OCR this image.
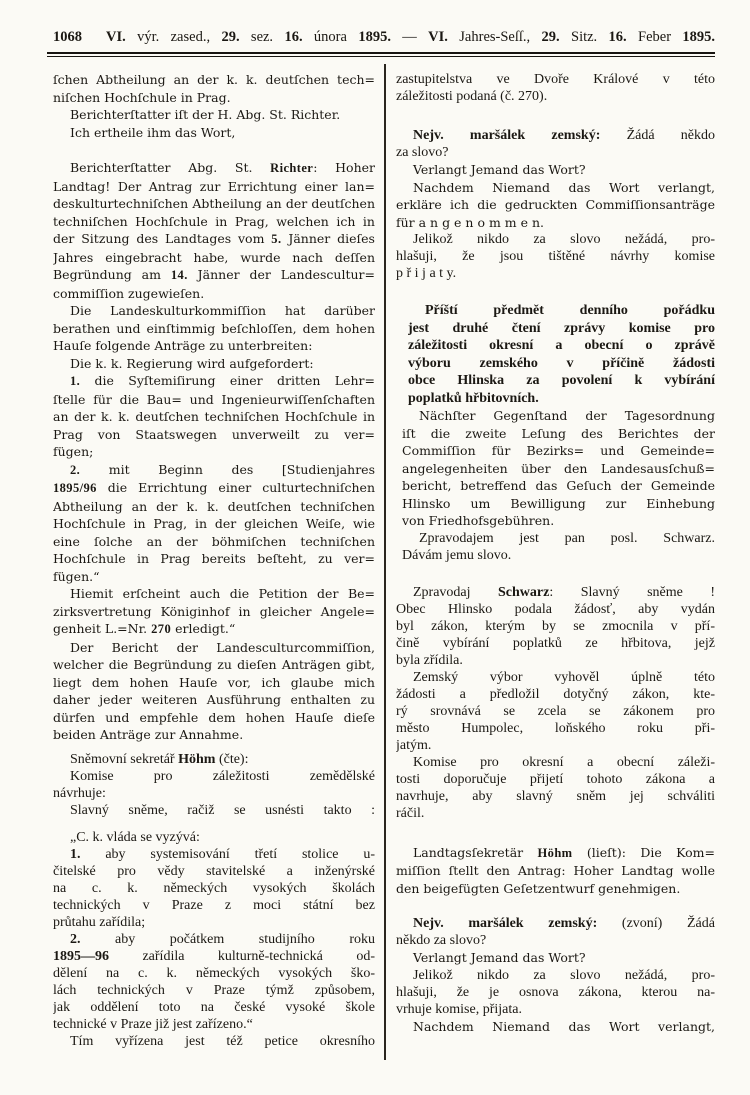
1068 VI. výr. zased., 29. sez. 16. února 1895. — VI. Jahres-Seſſ., 29. Sitz. 16. Feber 1895.
ſchen Abtheilung an der k. k. deutſchen tech=
niſchen Hochſchule in Prag.
Berichterſtatter iſt der H. Abg. St. Richter.
Ich ertheile ihm das Wort,
Berichterſtatter Abg. St. Richter: Hoher
Landtag! Der Antrag zur Errichtung einer lan=
deskulturtechniſchen Abtheilung an der deutſchen
techniſchen Hochſchule in Prag, welchen ich in
der Sitzung des Landtages vom 5. Jänner dieſes
Jahres eingebracht habe, wurde nach deſſen
Begründung am 14. Jänner der Landescultur=
commiſſion zugewieſen.
Die Landeskulturkommiſſion hat darüber
berathen und einſtimmig beſchloſſen, dem hohen
Hauſe folgende Anträge zu unterbreiten:
Die k. k. Regierung wird aufgefordert:
1. die Syſtemiſirung einer dritten Lehr=
ſtelle für die Bau= und Ingenieurwiſſenſchaften
an der k. k. deutſchen techniſchen Hochſchule in
Prag von Staatswegen unverweilt zu ver=
fügen;
2. mit Beginn des [Studienjahres
1895/96 die Errichtung einer culturtechniſchen
Abtheilung an der k. k. deutſchen techniſchen
Hochſchule in Prag, in der gleichen Weiſe, wie
eine ſolche an der böhmiſchen techniſchen
Hochſchule in Prag bereits beſteht, zu ver=
fügen.“
Hiemit erſcheint auch die Petition der Be=
zirksvertretung Königinhof in gleicher Angele=
genheit L.=Nr. 270 erledigt.“
Der Bericht der Landesculturcommiſſion,
welcher die Begründung zu dieſen Anträgen gibt,
liegt dem hohen Hauſe vor, ich glaube mich
daher jeder weiteren Ausführung enthalten zu
dürfen und empfehle dem hohen Hauſe dieſe
beiden Anträge zur Annahme.
Sněmovní sekretář Höhm (čte):
Komise pro záležitosti zemědělské
návrhuje:
Slavný sněme, račiž se usnésti takto :
„C. k. vláda se vyzývá:
1. aby systemisování třetí stolice u-
čitelské pro vědy stavitelské a inženýrské
na c. k. německých vysokých školách
technických v Praze z moci státní bez
průtahu zařídila;
2. aby počátkem studijního roku
1895—96 zařídila kulturně-technická od-
dělení na c. k. německých vysokých ško-
lách technických v Praze týmž způsobem,
jak oddělení toto na české vysoké škole
technické v Praze již jest zařízeno.“
Tím vyřízena jest též petice okresního
zastupitelstva ve Dvoře Králové v této
záležitosti podaná (č. 270).
Nejv. maršálek zemský: Žádá někdo
za slovo?
Verlangt Jemand das Wort?
Nachdem Niemand das Wort verlangt,
erkläre ich die gedruckten Commiſſionsanträge
für a n g e n o m m e n.
Jelikož nikdo za slovo nežádá, pro-
hlašuji, že jsou tištěné návrhy komise
p ř i j a t y.
Příští předmět denního pořádku
jest druhé čtení zprávy komise pro
záležitosti okresní a obecní o zprávě
výboru zemského v příčině žádosti
obce Hlinska za povolení k vybírání
poplatků hřbitovních.
Nächſter Gegenſtand der Tagesordnung
iſt die zweite Leſung des Berichtes der
Commiſſion für Bezirks= und Gemeinde=
angelegenheiten über den Landesausſchuß=
bericht, betreffend das Geſuch der Gemeinde
Hlinsko um Bewilligung zur Einhebung
von Friedhofsgebühren.
Zpravodajem jest pan posl. Schwarz.
Dávám jemu slovo.
Zpravodaj Schwarz: Slavný sněme !
Obec Hlinsko podala žádosť, aby vydán
byl zákon, kterým by se zmocnila v pří-
čině vybírání poplatků ze hřbitova, jejž
byla zřídila.
Zemský výbor vyhověl úplně této
žádosti a předložil dotyčný zákon, kte-
rý srovnává se zcela se zákonem pro
město Humpolec, loňského roku při-
jatým.
Komise pro okresní a obecní záleži-
tosti doporučuje přijetí tohoto zákona a
navrhuje, aby slavný sněm jej schváliti
ráčil.
Landtagsſekretär Höhm (lieſt): Die Kom=
miſſion ſtellt den Antrag: Hoher Landtag wolle
den beigefügten Geſetzentwurf genehmigen.
Nejv. maršálek zemský: (zvoní) Žádá
někdo za slovo?
Verlangt Jemand das Wort?
Jelikož nikdo za slovo nežádá, pro-
hlašuji, že je osnova zákona, kterou na-
vrhuje komise, přijata.
Nachdem Niemand das Wort verlangt,
